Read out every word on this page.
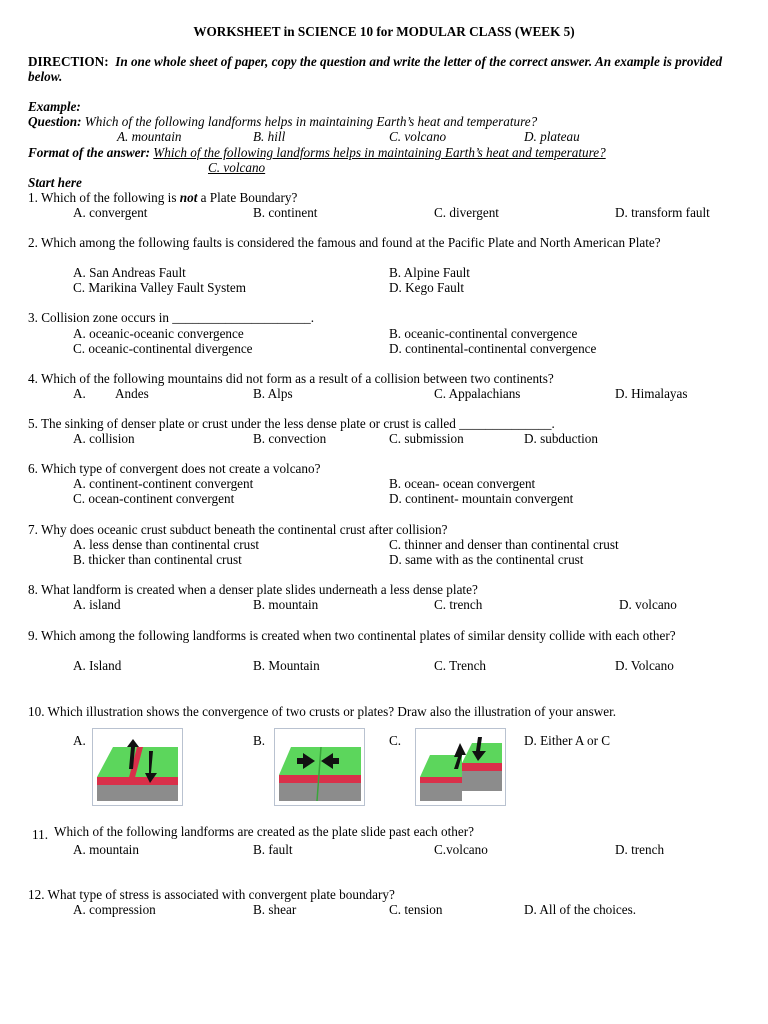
WORKSHEET in SCIENCE 10 for MODULAR CLASS (WEEK 5)
DIRECTION: In one whole sheet of paper, copy the question and write the letter of the correct answer. An example is provided below.
Example:
Question: Which of the following landforms helps in maintaining Earth’s heat and temperature?
A. mountain	B. hill	C. volcano	D. plateau
Format of the answer: Which of the following landforms helps in maintaining Earth’s heat and temperature?
C. volcano
Start here
1. Which of the following is not a Plate Boundary?
A. convergent	B. continent	C. divergent	D. transform fault
2. Which among the following faults is considered the famous and found at the Pacific Plate and North American Plate?
A. San Andreas Fault	B. Alpine Fault
C. Marikina Valley Fault System	D. Kego Fault
3. Collision zone occurs in _____________________.
A. oceanic-oceanic convergence	B. oceanic-continental convergence
C. oceanic-continental divergence	D. continental-continental convergence
4. Which of the following mountains did not form as a result of a collision between two continents?
A. Andes	B. Alps	C. Appalachians	D. Himalayas
5. The sinking of denser plate or crust under the less dense plate or crust is called ______________.
A. collision	B. convection	C. submission	D. subduction
6. Which type of convergent does not create a volcano?
A. continent-continent convergent	B. ocean- ocean convergent
C. ocean-continent convergent	D. continent- mountain convergent
7. Why does oceanic crust subduct beneath the continental crust after collision?
A. less dense than continental crust	C. thinner and denser than continental crust
B. thicker than continental crust	D. same with as the continental crust
8. What landform is created when a denser plate slides underneath a less dense plate?
A. island	B. mountain	C. trench	D. volcano
9. Which among the following landforms is created when two continental plates of similar density collide with each other?
A. Island	B. Mountain	C. Trench	D. Volcano
10. Which illustration shows the convergence of two crusts or plates? Draw also the illustration of your answer.
A.	B.	C.	D. Either A or C
11. Which of the following landforms are created as the plate slide past each other?
A. mountain	B. fault	C.volcano	D. trench
12. What type of stress is associated with convergent plate boundary?
A. compression	B. shear	C. tension	D. All of the choices.
